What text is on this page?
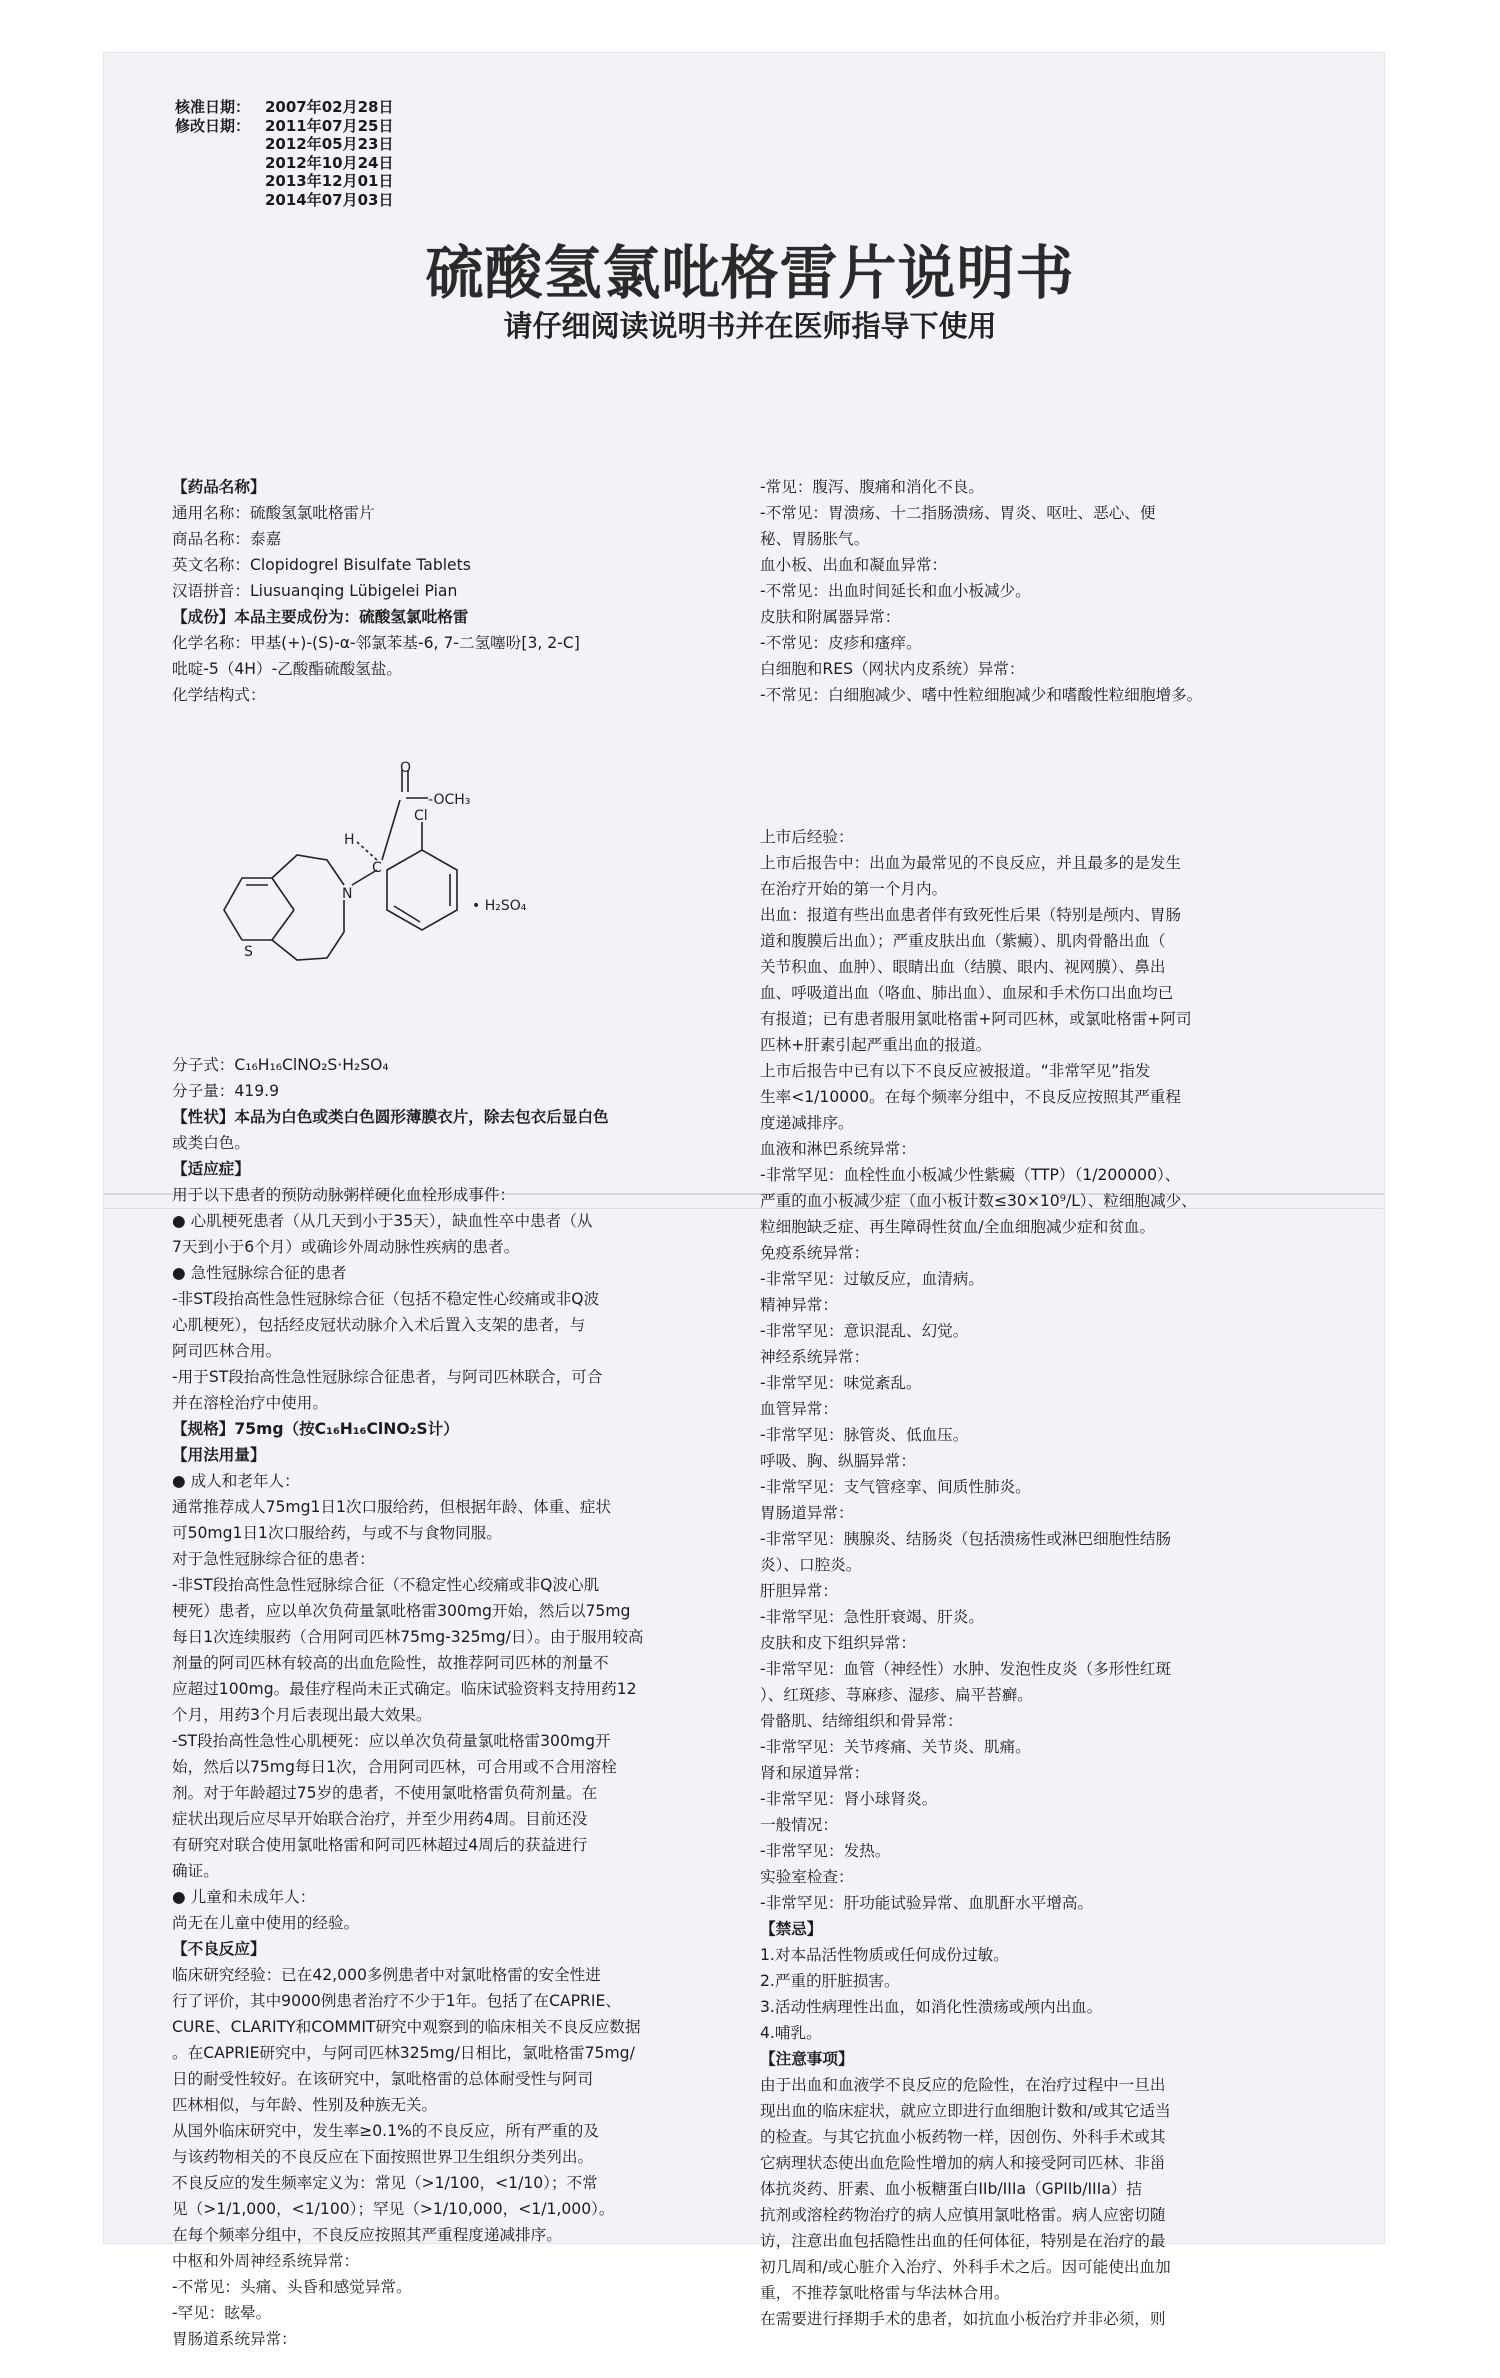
核准日期： 2007年02月28日
修改日期： 2011年07月25日
2012年05月23日
2012年10月24日
2013年12月01日
2014年07月03日
硫酸氢氯吡格雷片说明书
请仔细阅读说明书并在医师指导下使用

【药品名称】
通用名称：硫酸氢氯吡格雷片
商品名称：泰嘉
英文名称：Clopidogrel Bisulfate Tablets
汉语拼音：Liusuanqing Lübigelei Pian
【成份】本品主要成份为：硫酸氢氯吡格雷
化学名称：甲基(+)-(S)-α-邻氯苯基-6, 7-二氢噻吩[3, 2-C]
吡啶-5（4H）-乙酸酯硫酸氢盐。
化学结构式：

O
-OCH₃
H
Cl
N
C
S
• H₂SO₄

分子式：C₁₆H₁₆ClNO₂S·H₂SO₄
分子量：419.9
【性状】本品为白色或类白色圆形薄膜衣片，除去包衣后显白色
或类白色。
【适应症】
用于以下患者的预防动脉粥样硬化血栓形成事件：
● 心肌梗死患者（从几天到小于35天），缺血性卒中患者（从
7天到小于6个月）或确诊外周动脉性疾病的患者。
● 急性冠脉综合征的患者
-非ST段抬高性急性冠脉综合征（包括不稳定性心绞痛或非Q波
心肌梗死），包括经皮冠状动脉介入术后置入支架的患者，与
阿司匹林合用。
-用于ST段抬高性急性冠脉综合征患者，与阿司匹林联合，可合
并在溶栓治疗中使用。
【规格】75mg（按C₁₆H₁₆ClNO₂S计）
【用法用量】
● 成人和老年人：
通常推荐成人75mg1日1次口服给药，但根据年龄、体重、症状
可50mg1日1次口服给药，与或不与食物同服。
对于急性冠脉综合征的患者：
-非ST段抬高性急性冠脉综合征（不稳定性心绞痛或非Q波心肌
梗死）患者，应以单次负荷量氯吡格雷300mg开始，然后以75mg
每日1次连续服药（合用阿司匹林75mg-325mg/日）。由于服用较高
剂量的阿司匹林有较高的出血危险性，故推荐阿司匹林的剂量不
应超过100mg。最佳疗程尚未正式确定。临床试验资料支持用药12
个月，用药3个月后表现出最大效果。
-ST段抬高性急性心肌梗死：应以单次负荷量氯吡格雷300mg开
始，然后以75mg每日1次，合用阿司匹林，可合用或不合用溶栓
剂。对于年龄超过75岁的患者，不使用氯吡格雷负荷剂量。在
症状出现后应尽早开始联合治疗，并至少用药4周。目前还没
有研究对联合使用氯吡格雷和阿司匹林超过4周后的获益进行
确证。
● 儿童和未成年人：
尚无在儿童中使用的经验。
【不良反应】
临床研究经验：已在42,000多例患者中对氯吡格雷的安全性进
行了评价，其中9000例患者治疗不少于1年。包括了在CAPRIE、
CURE、CLARITY和COMMIT研究中观察到的临床相关不良反应数据
。在CAPRIE研究中，与阿司匹林325mg/日相比，氯吡格雷75mg/
日的耐受性较好。在该研究中，氯吡格雷的总体耐受性与阿司
匹林相似，与年龄、性别及种族无关。
从国外临床研究中，发生率≥0.1%的不良反应，所有严重的及
与该药物相关的不良反应在下面按照世界卫生组织分类列出。
不良反应的发生频率定义为：常见（>1/100，<1/10）；不常
见（>1/1,000，<1/100）；罕见（>1/10,000，<1/1,000）。
在每个频率分组中，不良反应按照其严重程度递减排序。
中枢和外周神经系统异常：
-不常见：头痛、头昏和感觉异常。
-罕见：眩晕。
胃肠道系统异常：

-常见：腹泻、腹痛和消化不良。
-不常见：胃溃疡、十二指肠溃疡、胃炎、呕吐、恶心、便
秘、胃肠胀气。
血小板、出血和凝血异常：
-不常见：出血时间延长和血小板减少。
皮肤和附属器异常：
-不常见：皮疹和瘙痒。
白细胞和RES（网状内皮系统）异常：
-不常见：白细胞减少、嗜中性粒细胞减少和嗜酸性粒细胞增多。

上市后经验：
上市后报告中：出血为最常见的不良反应，并且最多的是发生
在治疗开始的第一个月内。
出血：报道有些出血患者伴有致死性后果（特别是颅内、胃肠
道和腹膜后出血）；严重皮肤出血（紫癜）、肌肉骨骼出血（
关节积血、血肿）、眼睛出血（结膜、眼内、视网膜）、鼻出
血、呼吸道出血（咯血、肺出血）、血尿和手术伤口出血均已
有报道；已有患者服用氯吡格雷+阿司匹林，或氯吡格雷+阿司
匹林+肝素引起严重出血的报道。
上市后报告中已有以下不良反应被报道。“非常罕见”指发
生率<1/10000。在每个频率分组中，不良反应按照其严重程
度递减排序。
血液和淋巴系统异常：
-非常罕见：血栓性血小板减少性紫癜（TTP）（1/200000）、
严重的血小板减少症（血小板计数≤30×10⁹/L）、粒细胞减少、
粒细胞缺乏症、再生障碍性贫血/全血细胞减少症和贫血。
免疫系统异常：
-非常罕见：过敏反应，血清病。
精神异常：
-非常罕见：意识混乱、幻觉。
神经系统异常：
-非常罕见：味觉紊乱。
血管异常：
-非常罕见：脉管炎、低血压。
呼吸、胸、纵膈异常：
-非常罕见：支气管痉挛、间质性肺炎。
胃肠道异常：
-非常罕见：胰腺炎、结肠炎（包括溃疡性或淋巴细胞性结肠
炎）、口腔炎。
肝胆异常：
-非常罕见：急性肝衰竭、肝炎。
皮肤和皮下组织异常：
-非常罕见：血管（神经性）水肿、发泡性皮炎（多形性红斑
）、红斑疹、荨麻疹、湿疹、扁平苔癣。
骨骼肌、结缔组织和骨异常：
-非常罕见：关节疼痛、关节炎、肌痛。
肾和尿道异常：
-非常罕见：肾小球肾炎。
一般情况：
-非常罕见：发热。
实验室检查：
-非常罕见：肝功能试验异常、血肌酐水平增高。
【禁忌】
1.对本品活性物质或任何成份过敏。
2.严重的肝脏损害。
3.活动性病理性出血，如消化性溃疡或颅内出血。
4.哺乳。
【注意事项】
由于出血和血液学不良反应的危险性，在治疗过程中一旦出
现出血的临床症状，就应立即进行血细胞计数和/或其它适当
的检查。与其它抗血小板药物一样，因创伤、外科手术或其
它病理状态使出血危险性增加的病人和接受阿司匹林、非甾
体抗炎药、肝素、血小板糖蛋白IIb/IIIa（GPIIb/IIIa）拮
抗剂或溶栓药物治疗的病人应慎用氯吡格雷。病人应密切随
访，注意出血包括隐性出血的任何体征，特别是在治疗的最
初几周和/或心脏介入治疗、外科手术之后。因可能使出血加
重，不推荐氯吡格雷与华法林合用。
在需要进行择期手术的患者，如抗血小板治疗并非必须，则
